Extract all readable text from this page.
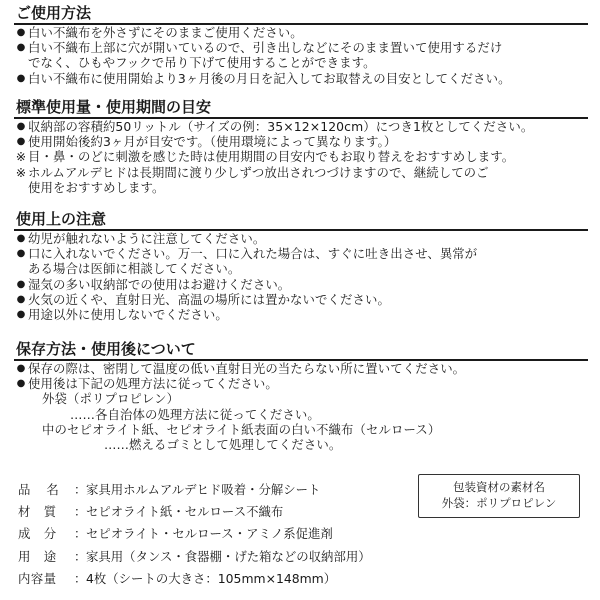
ご使用方法
● 白い不織布を外さずにそのままご使用ください。
● 白い不織布上部に穴が開いているので、引き出しなどにそのまま置いて使用するだけ
でなく、ひもやフックで吊り下げて使用することができます。
● 白い不織布に使用開始より3ヶ月後の月日を記入してお取替えの目安としてください。
標準使用量・使用期間の目安
● 収納部の容積約50リットル（サイズの例：35×12×120cm）につき1枚としてください。
● 使用開始後約3ヶ月が目安です。（使用環境によって異なります。）
※ 目・鼻・のどに刺激を感じた時は使用期間の目安内でもお取り替えをおすすめします。
※ ホルムアルデヒドは長期間に渡り少しずつ放出されつづけますので、継続してのご
使用をおすすめします。
使用上の注意
● 幼児が触れないように注意してください。
● 口に入れないでください。万一、口に入れた場合は、すぐに吐き出させ、異常が
ある場合は医師に相談してください。
● 湿気の多い収納部での使用はお避けください。
● 火気の近くや、直射日光、高温の場所には置かないでください。
● 用途以外に使用しないでください。
保存方法・使用後について
● 保存の際は、密閉して温度の低い直射日光の当たらない所に置いてください。
● 使用後は下記の処理方法に従ってください。
外袋（ポリプロピレン）
……各自治体の処理方法に従ってください。
中のセピオライト紙、セピオライト紙表面の白い不織布（セルロース）
……燃えるゴミとして処理してください。
品名 ： 家具用ホルムアルデヒド吸着・分解シート
材　質	： セピオライト紙・セルロース不織布
成　分	： セピオライト・セルロース・アミノ系促進剤
用　途	： 家具用（タンス・食器棚・げた箱などの収納部用）
内容量	： 4枚（シートの大きさ：105mm×148mm）
包装資材の素材名
外袋：ポリプロピレン
